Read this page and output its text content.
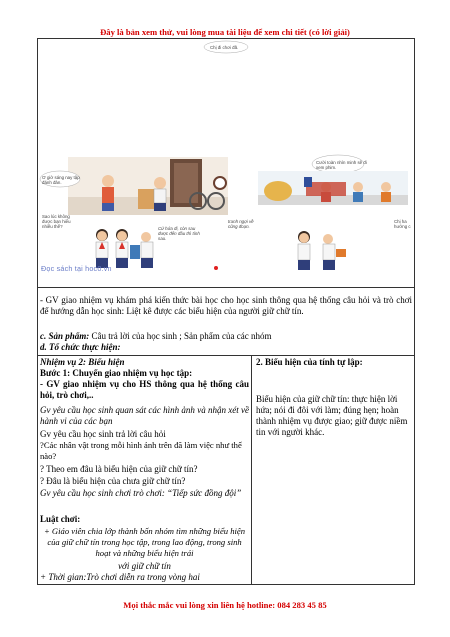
Đây là bản xem thử, vui lòng mua tài liệu để xem chi tiết (có lời giải)
Chị đi chơi đã.
Ơ giờ sáng nay tập đánh đàn.
Cười toàn nhìn minh sẽ đi xem phim.
Sao lúc không được bạn hiểu nhiều thế?	Cứ hứa đi, còn sau được đến đâu thì tính sau.
tranh ngợi về cũng đoạn.
Chị ha hướng c
Đọc sách tại hoc0.vn
- GV giao nhiệm vụ khám phá kiến thức bài học cho học sinh thông qua hệ thống câu hỏi và trò chơi để hướng dẫn học sinh: Liệt kê được các biểu hiện của người giữ chữ tín.
c. Sản phẩm: Câu trả lời của học sinh ; Sản phẩm của các nhóm
d. Tổ chức thực hiện:
Nhiệm vụ 2: Biểu hiện
Bước 1: Chuyển giao nhiệm vụ học tập:
- GV giao nhiệm vụ cho HS thông qua hệ thống câu hỏi, trò chơi,..
Gv yêu cầu học sinh quan sát các hình ảnh và nhận xét về hành vi của các bạn
Gv yêu cầu học sinh trả lời câu hỏi
?Các nhân vật trong mỗi hình ảnh trên đã làm việc như thế nào?
? Theo em đâu là biểu hiện của giữ chữ tín?
? Đâu là biểu hiện của chưa giữ chữ tín?
Gv yêu cầu học sinh chơi trò chơi: “Tiếp sức đồng đội”
Luật chơi:
+ Giáo viên chia lớp thành bốn nhóm tìm những biểu hiện của giữ chữ tín trong học tập, trong lao động, trong sinh hoạt và những biểu hiện trái
với giữ chữ tín
+ Thời gian:Trò chơi diễn ra trong vòng hai
2. Biểu hiện của tính tự lập:
Biểu hiện của giữ chữ tín: thực hiện lời hứa; nói đi đôi với làm; đúng hẹn; hoàn thành nhiệm vụ được giao; giữ được niềm tin với người khác.
Mọi thắc mắc vui lòng xin liên hệ hotline: 084 283 45 85
